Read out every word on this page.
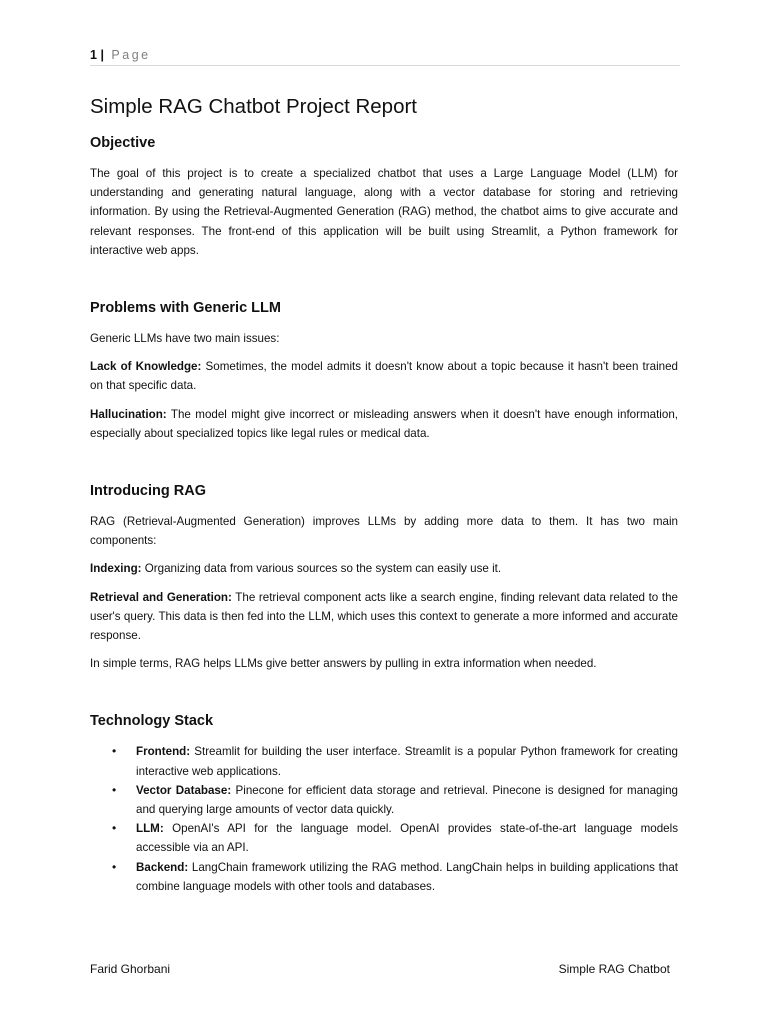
1 | Page
Simple RAG Chatbot Project Report
Objective

The goal of this project is to create a specialized chatbot that uses a Large Language Model (LLM) for understanding and generating natural language, along with a vector database for storing and retrieving information. By using the Retrieval-Augmented Generation (RAG) method, the chatbot aims to give accurate and relevant responses. The front-end of this application will be built using Streamlit, a Python framework for interactive web apps.

Problems with Generic LLM

Generic LLMs have two main issues:

Lack of Knowledge: Sometimes, the model admits it doesn't know about a topic because it hasn't been trained on that specific data.

Hallucination: The model might give incorrect or misleading answers when it doesn't have enough information, especially about specialized topics like legal rules or medical data.

Introducing RAG

RAG (Retrieval-Augmented Generation) improves LLMs by adding more data to them. It has two main components:

Indexing: Organizing data from various sources so the system can easily use it.

Retrieval and Generation: The retrieval component acts like a search engine, finding relevant data related to the user's query. This data is then fed into the LLM, which uses this context to generate a more informed and accurate response.

In simple terms, RAG helps LLMs give better answers by pulling in extra information when needed.

Technology Stack
• Frontend: Streamlit for building the user interface. Streamlit is a popular Python framework for creating interactive web applications.
• Vector Database: Pinecone for efficient data storage and retrieval. Pinecone is designed for managing and querying large amounts of vector data quickly.
• LLM: OpenAI's API for the language model. OpenAI provides state-of-the-art language models accessible via an API.
• Backend: LangChain framework utilizing the RAG method. LangChain helps in building applications that combine language models with other tools and databases.
Farid Ghorbani	Simple RAG Chatbot
